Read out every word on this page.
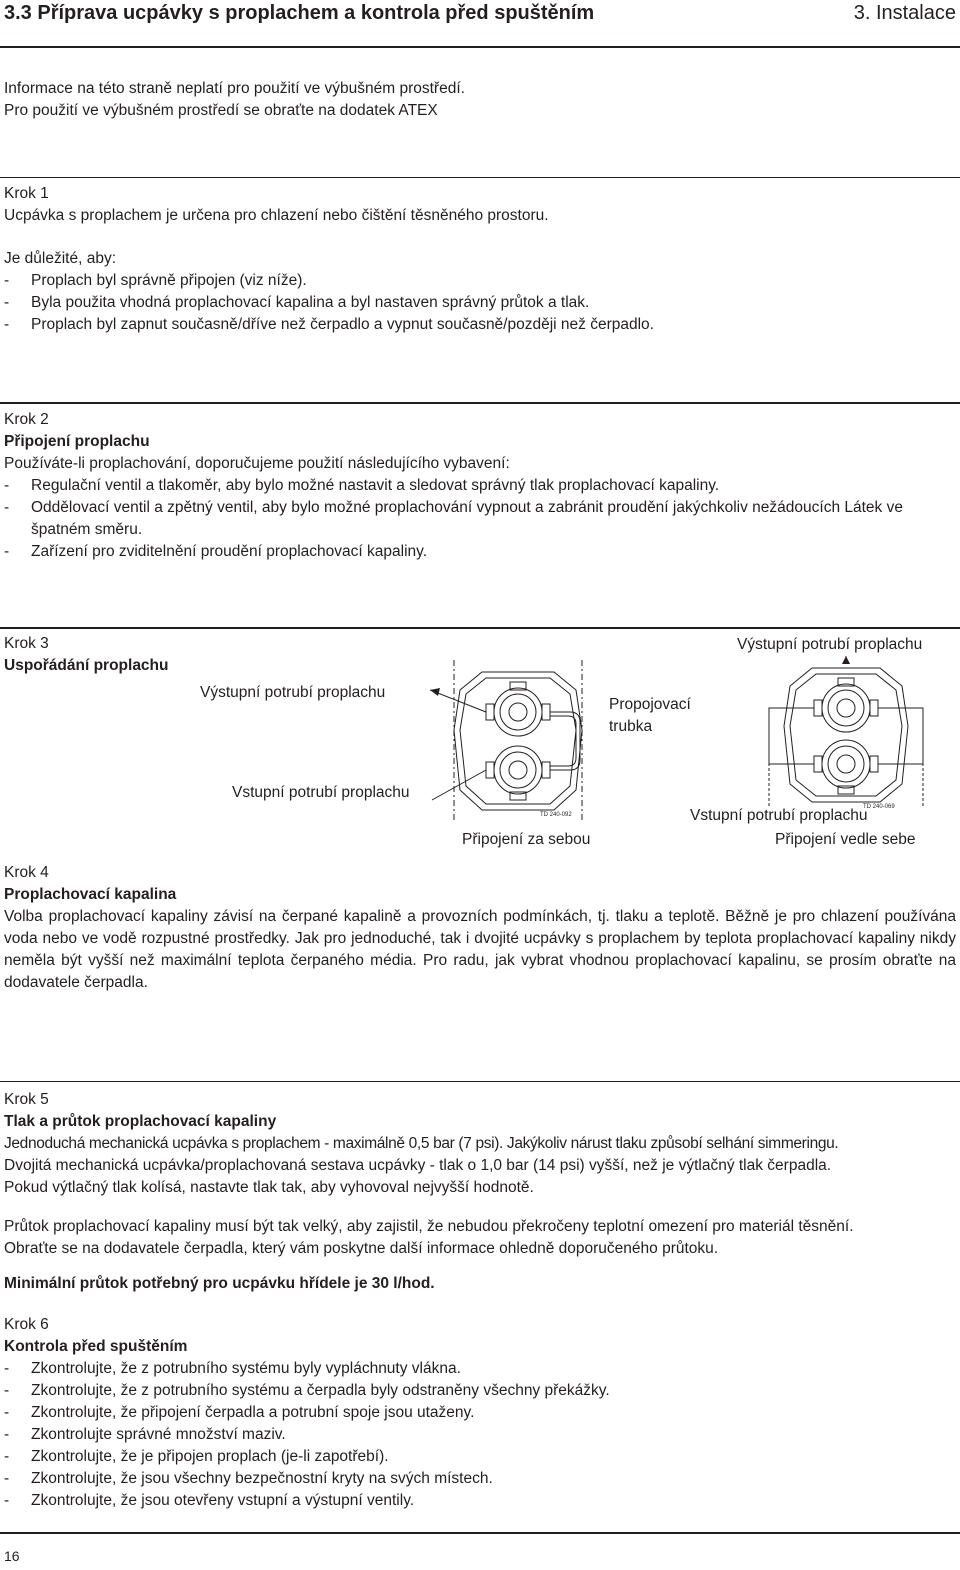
3.3 Příprava ucpávky s proplachem a kontrola před spuštěním	3. Instalace
Informace na této straně neplatí pro použití ve výbušném prostředí.
Pro použití ve výbušném prostředí se obraťte na dodatek ATEX
Krok 1
Ucpávka s proplachem je určena pro chlazení nebo čištění těsněného prostoru.
Je důležité, aby:
- Proplach byl správně připojen (viz níže).
- Byla použita vhodná proplachovací kapalina a byl nastaven správný průtok a tlak.
- Proplach byl zapnut současně/dříve než čerpadlo a vypnut současně/později než čerpadlo.
Krok 2
Připojení proplachu
Používáte-li proplachování, doporučujeme použití následujícího vybavení:
- Regulační ventil a tlakoměr, aby bylo možné nastavit a sledovat správný tlak proplachovací kapaliny.
- Oddělovací ventil a zpětný ventil, aby bylo možné proplachování vypnout a zabránit proudění jakýchkoliv nežádoucích Látek ve špatném směru.
- Zařízení pro zviditelnění proudění proplachovací kapaliny.
Krok 3
Uspořádání proplachu
TD 240-092
Výstupní potrubí proplachu
Propojovací
trubka
Vstupní potrubí proplachu
Připojení za sebou
TD 240-069
Výstupní potrubí proplachu
Vstupní potrubí proplachu
Připojení vedle sebe
Krok 4
Proplachovací kapalina
Volba proplachovací kapaliny závisí na čerpané kapalině a provozních podmínkách, tj. tlaku a teplotě. Běžně je pro chlazení používána voda nebo ve vodě rozpustné prostředky. Jak pro jednoduché, tak i dvojité ucpávky s proplachem by teplota proplachovací kapaliny nikdy neměla být vyšší než maximální teplota čerpaného média. Pro radu, jak vybrat vhodnou proplachovací kapalinu, se prosím obraťte na dodavatele čerpadla.
Krok 5
Tlak a průtok proplachovací kapaliny
Jednoduchá mechanická ucpávka s proplachem - maximálně 0,5 bar (7 psi). Jakýkoliv nárust tlaku způsobí selhání simmeringu.
Dvojitá mechanická ucpávka/proplachovaná sestava ucpávky - tlak o 1,0 bar (14 psi) vyšší, než je výtlačný tlak čerpadla.
Pokud výtlačný tlak kolísá, nastavte tlak tak, aby vyhovoval nejvyšší hodnotě.
Průtok proplachovací kapaliny musí být tak velký, aby zajistil, že nebudou překročeny teplotní omezení pro materiál těsnění.
Obraťte se na dodavatele čerpadla, který vám poskytne další informace ohledně doporučeného průtoku.
Minimální průtok potřebný pro ucpávku hřídele je 30 l/hod.
Krok 6
Kontrola před spuštěním
- Zkontrolujte, že z potrubního systému byly vypláchnuty vlákna.
- Zkontrolujte, že z potrubního systému a čerpadla byly odstraněny všechny překážky.
- Zkontrolujte, že připojení čerpadla a potrubní spoje jsou utaženy.
- Zkontrolujte správné množství maziv.
- Zkontrolujte, že je připojen proplach (je-li zapotřebí).
- Zkontrolujte, že jsou všechny bezpečnostní kryty na svých místech.
- Zkontrolujte, že jsou otevřeny vstupní a výstupní ventily.
16
